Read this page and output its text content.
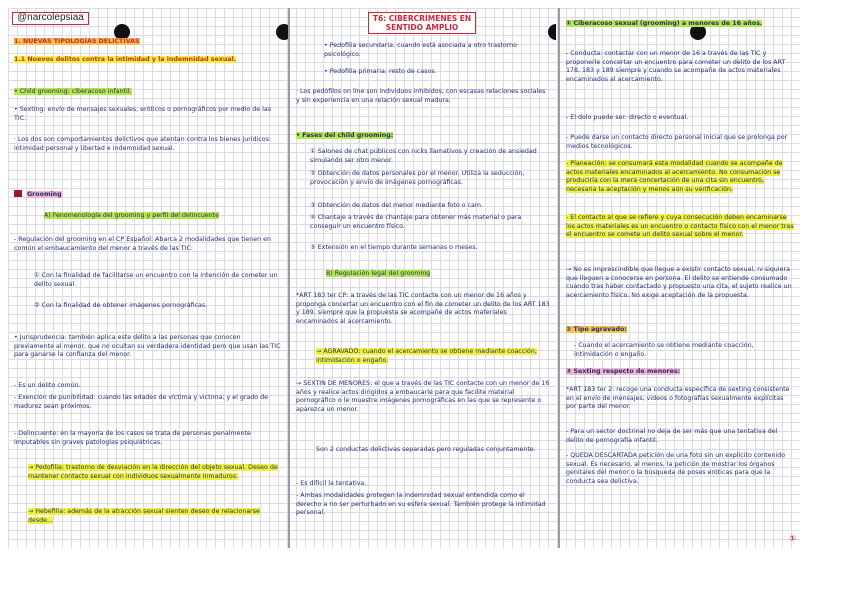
@narcolepsiaa
1. NUEVAS TIPOLOGÍAS DELICTIVAS
1.1 Nuevos delitos contra la intimidad y la indemnidad sexual.
• Child grooming: ciberacoso infantil.
• Sexting: envío de mensajes sexuales, eróticos o pornográficos por medio de las TIC.
· Los dos son comportamientos delictivos que atentan contra los bienes jurídicos: intimidad personal y libertad e indemnidad sexual.
Grooming
A) Fenomenología del grooming y perfil del delincuente
- Regulación del grooming en el CP Español: Abarca 2 modalidades que tienen en común el embaucamiento del menor a través de las TIC:
① Con la finalidad de facilitarse un encuentro con la intención de cometer un delito sexual.
② Con la finalidad de obtener imágenes pornográficas.
• Jurisprudencia: también aplica este delito a las personas que conocen previamente al menor, que no ocultan su verdadera identidad pero que usan las TIC para ganarse la confianza del menor.
- Es un delito común.
- Exención de punibilidad: cuando las edades de víctima y victima; y el grado de madurez sean próximos.
- Delincuente: en la mayoría de los casos se trata de personas penalmente imputables sin graves patologías psiquiátricas.
→ Pedofilia: trastorno de desviación en la dirección del objeto sexual. Deseo de mantener contacto sexual con individuos sexualmente inmaduros.
→ Hebefilia: además de la atracción sexual sienten deseo de relacionarse desde...
T6: CIBERCRÍMENES EN SENTIDO AMPLIO
• Pedofilia secundaria: cuando está asociada a otro trastorno psicológico.
• Pedofilia primaria: resto de casos.
· Los pedófilos on line son individuos inhibidos, con escasas relaciones sociales y sin experiencia en una relación sexual madura.
• Fases del child grooming:
① Salones de chat públicos con nicks llamativos y creación de ansiedad simulando ser otro menor.
② Obtención de datos personales por el menor. Utiliza la seducción, provocación y envío de imágenes pornográficas.
③ Obtención de datos del menor mediante foto o cam.
④ Chantaje a través de chantaje para obtener más material o para conseguir un encuentro físico.
⑤ Extensión en el tiempo durante semanas o meses.
B) Regulación legal del grooming
*ART 183 ter CP: a través de las TIC contacte con un menor de 16 años y proponga concertar un encuentro con el fin de cometer un delito de los ART 183 y 189, siempre que la propuesta se acompañe de actos materiales encaminados al acercamiento.
→ AGRAVADO: cuando el acercamiento se obtiene mediante coacción, intimidación o engaño.
→ SEXTIN DE MENORES: el que a través de las TIC contacte con un menor de 16 años y realice actos dirigidos a embaucarle para que facilite material pornográfico o le muestre imágenes pornográficas en las que se represente o aparezca un menor.
Son 2 conductas delictivas separadas pero reguladas conjuntamente.
- Es difícil la tentativa.
- Ambas modalidades protegen la indemnidad sexual entendida como el derecho a no ser perturbado en su esfera sexual. También protege la intimidad personal.
① Ciberacoso sexual (grooming) a menores de 16 años.
- Conducta: contactar con un menor de 16 a través de las TIC y proponerle concertar un encuentro para cometer un delito de los ART 178, 183 y 189 siempre y cuando se acompañe de actos materiales encaminados al acercamiento.
- El dolo puede ser: directo o eventual.
- Puede darse un contacto directo personal inicial que se prolonga por medios tecnológicos.
- Planeación: se consumará esta modalidad cuando se acompañe de actos materiales encaminados al acercamiento. No consumación se produciría con la mera concertación de una cita sin encuentro, necesaria la aceptación y menos aún su verificación.
- El contacto al que se refiere y cuya consecución deben encaminarse los actos materiales es un encuentro o contacto físico con el menor tras el encuentro se comete un delito sexual sobre el menor.
→ No es imprescindible que llegue a existir contacto sexual, ni siquiera que lleguen a conocerse en persona. El delito se entiende consumado cuando tras haber contactado y propuesto una cita, el sujeto realice un acercamiento físico. No exige aceptación de la propuesta.
② Tipo agravado:
- Cuando el acercamiento se obtiene mediante coacción, intimidación o engaño.
③ Sexting respecto de menores:
*ART 183 ter 2: recoge una conducta específica de sexting consistente en el envío de mensajes, videos o fotografías sexualmente explícitas por parte del menor.
- Para un sector doctrinal no deja de ser más que una tentativa del delito de pornografía infantil.
- QUEDA DESCARTADA petición de una foto sin un explícito contenido sexual. Es necesario, al menos, la petición de mostrar los órganos genitales del menor o la búsqueda de poses eróticas para que la conducta sea delictiva.
①
